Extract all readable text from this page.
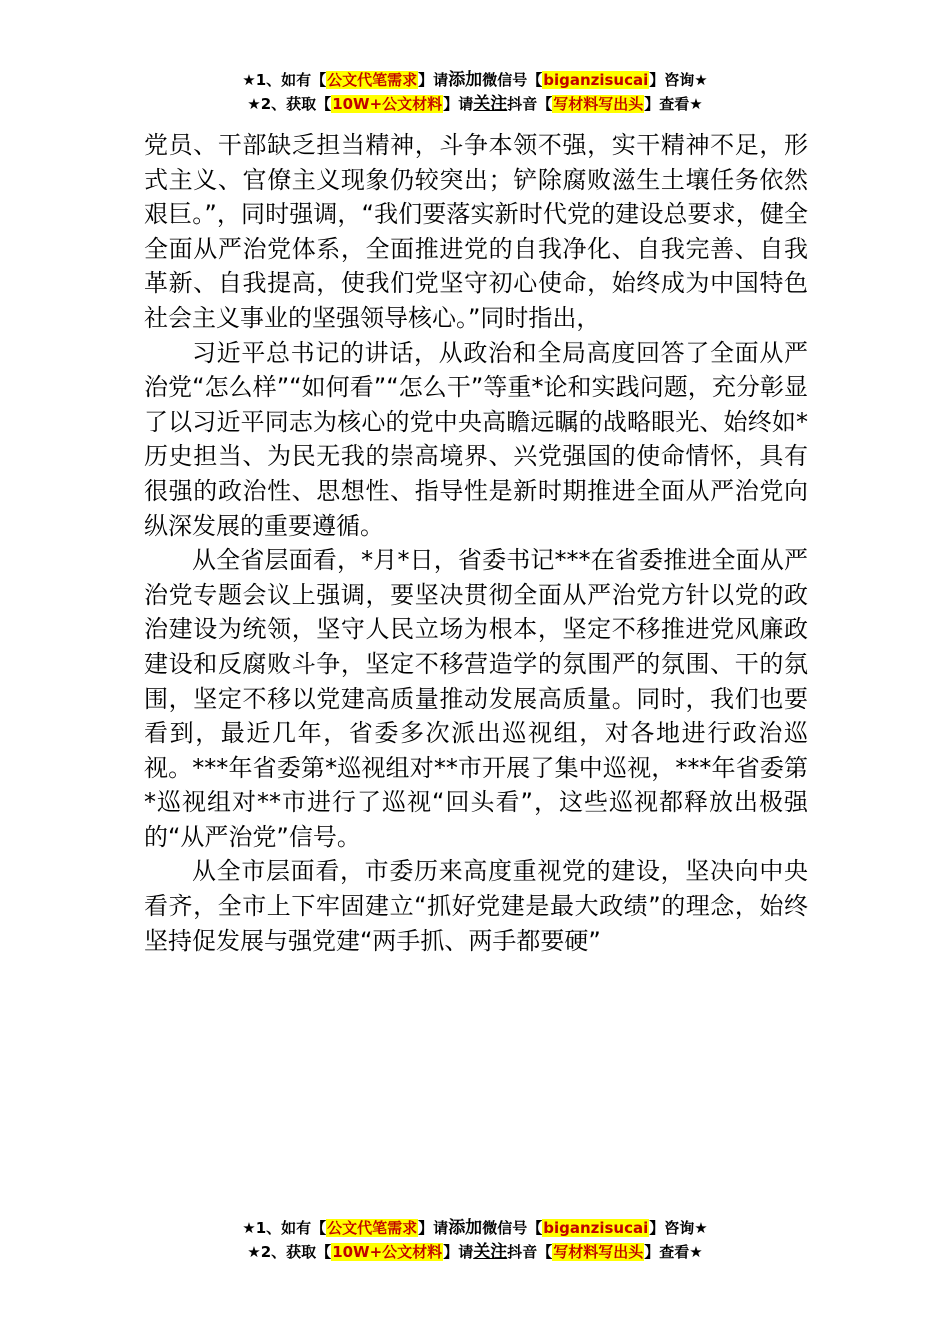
★1、如有【公文代笔需求】请添加微信号【biganzisucai】咨询★
★2、获取【10W+公文材料】请关注抖音【写材料写出头】查看★

党员、干部缺乏担当精神，斗争本领不强，实干精神不足，形式主义、官僚主义现象仍较突出；铲除腐败滋生土壤任务依然艰巨。”，同时强调，“我们要落实新时代党的建设总要求，健全全面从严治党体系，全面推进党的自我净化、自我完善、自我革新、自我提高，使我们党坚守初心使命，始终成为中国特色社会主义事业的坚强领导核心。”同时指出，

习近平总书记的讲话，从政治和全局高度回答了全面从严治党“怎么样”“如何看”“怎么干”等重*论和实践问题，充分彰显了以习近平同志为核心的党中央高瞻远瞩的战略眼光、始终如*历史担当、为民无我的崇高境界、兴党强国的使命情怀，具有很强的政治性、思想性、指导性是新时期推进全面从严治党向纵深发展的重要遵循。

从全省层面看，*月*日，省委书记***在省委推进全面从严治党专题会议上强调，要坚决贯彻全面从严治党方针以党的政治建设为统领，坚守人民立场为根本，坚定不移推进党风廉政建设和反腐败斗争，坚定不移营造学的氛围严的氛围、干的氛围，坚定不移以党建高质量推动发展高质量。同时，我们也要看到，最近几年，省委多次派出巡视组，对各地进行政治巡视。***年省委第*巡视组对**市开展了集中巡视，***年省委第*巡视组对**市进行了巡视“回头看”，这些巡视都释放出极强的“从严治党”信号。

从全市层面看，市委历来高度重视党的建设，坚决向中央看齐，全市上下牢固建立“抓好党建是最大政绩”的理念，始终坚持促发展与强党建“两手抓、两手都要硬”

★1、如有【公文代笔需求】请添加微信号【biganzisucai】咨询★
★2、获取【10W+公文材料】请关注抖音【写材料写出头】查看★
